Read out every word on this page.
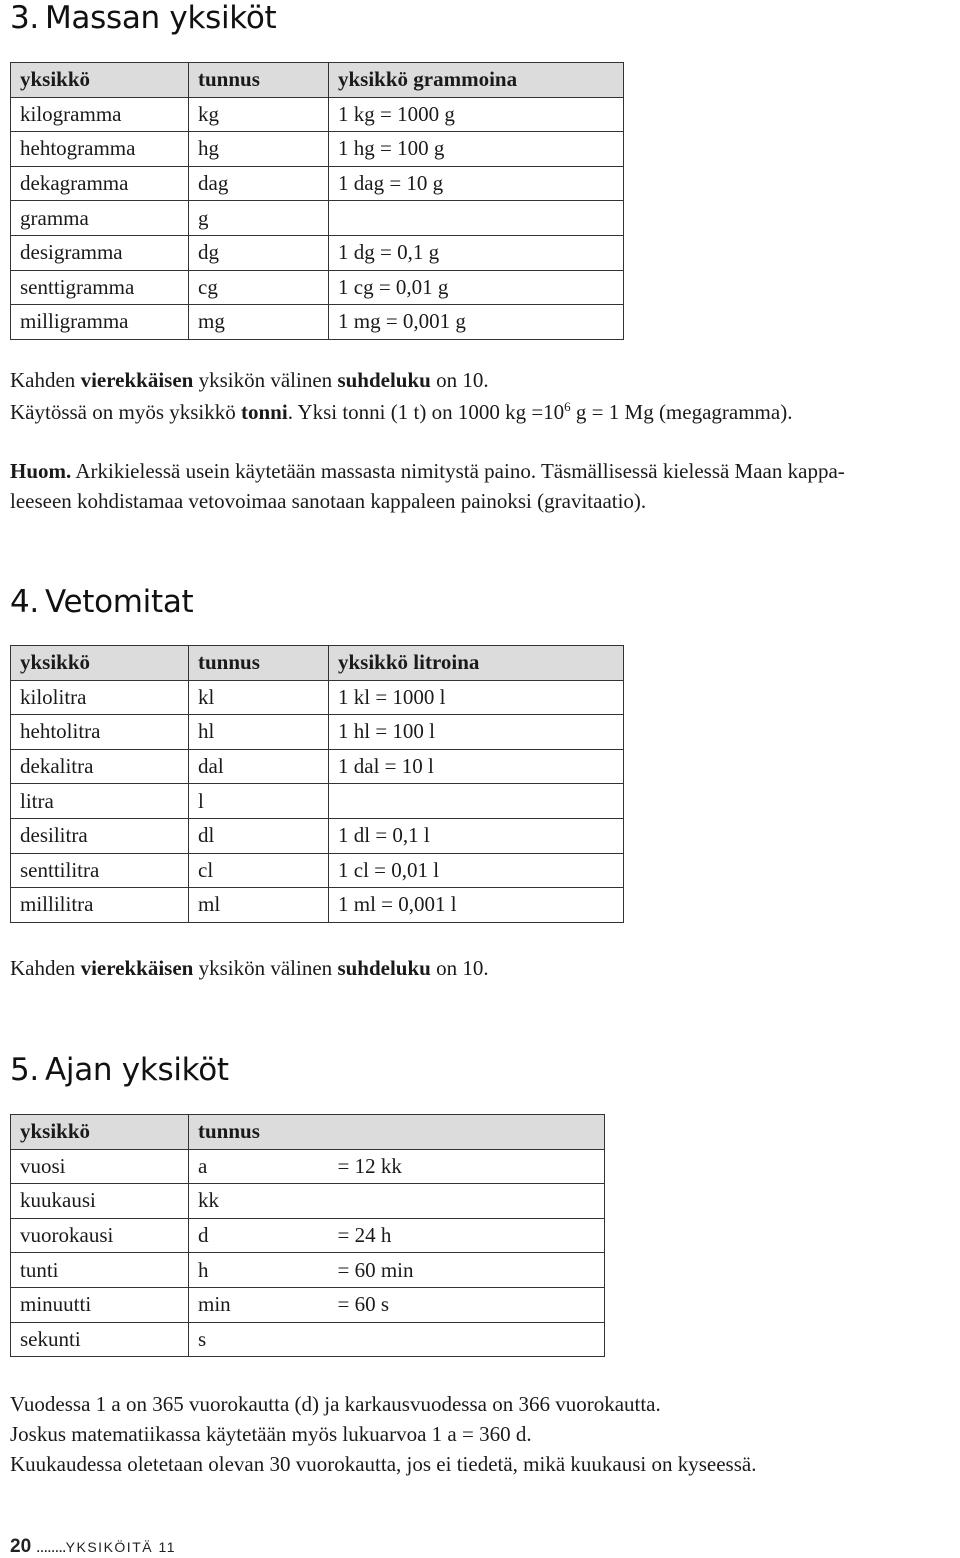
3. Massan yksiköt
yksikkö	tunnus	yksikkö grammoina
kilogramma	kg	1 kg = 1000 g
hehtogramma	hg	1 hg = 100 g
dekagramma	dag	1 dag = 10 g
gramma	g	
desigramma	dg	1 dg = 0,1 g
senttigramma	cg	1 cg = 0,01 g
milligramma	mg	1 mg = 0,001 g

Kahden vierekkäisen yksikön välinen suhdeluku on 10.

Käytössä on myös yksikkö tonni. Yksi tonni (1 t) on 1000 kg $=10^6$ g = 1 Mg (megagramma).

Huom. Arkikielessä usein käytetään massasta nimitystä paino. Täsmällisessä kielessä Maan kappa-

leeseen kohdistamaa vetovoimaa sanotaan kappaleen painoksi (gravitaatio).

4. Vetomitat
yksikkö	tunnus	yksikkö litroina
kilolitra	kl	1 kl = 1000 l
hehtolitra	hl	1 hl = 100 l
dekalitra	dal	1 dal = 10 l
litra	l	
desilitra	dl	1 dl = 0,1 l
senttilitra	cl	1 cl = 0,01 l
millilitra	ml	1 ml = 0,001 l

Kahden vierekkäisen yksikön välinen suhdeluku on 10.

5. Ajan yksiköt
yksikkö	tunnus	
vuosi	a	= 12 kk
kuukausi	kk	
vuorokausi	d	= 24 h
tunti	h	= 60 min
minuutti	min	= 60 s
sekunti	s	

Vuodessa 1 a on 365 vuorokautta (d) ja karkausvuodessa on 366 vuorokautta.

Joskus matematiikassa käytetään myös lukuarvoa 1 a = 360 d.

Kuukaudessa oletetaan olevan 30 vuorokautta, jos ei tiedetä, mikä kuukausi on kyseessä.

20 ........YKSIKÖITÄ 11
